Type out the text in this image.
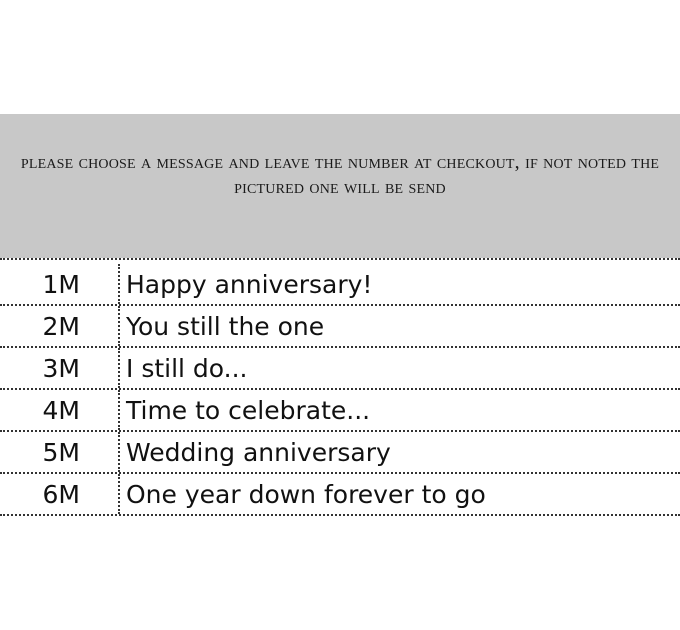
please choose a message and leave the number at checkout, if not noted the pictured one will be send
1M	Happy anniversary!
2M	You still the one
3M	I still do...
4M	Time to celebrate...
5M	Wedding anniversary
6M	One year down forever to go
